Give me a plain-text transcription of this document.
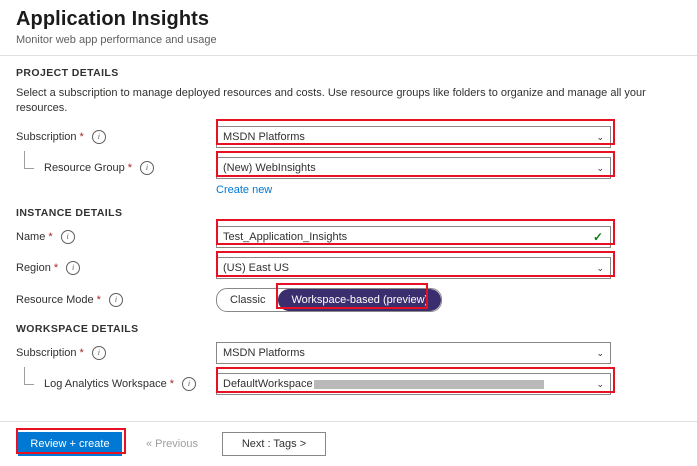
Application Insights
Monitor web app performance and usage
PROJECT DETAILS
Select a subscription to manage deployed resources and costs. Use resource groups like folders to organize and manage all your resources.
Subscription *	i	MSDN Platforms	⌄
Resource Group *	i	(New) WebInsights	⌄
Create new
INSTANCE DETAILS
Name *	i	Test_Application_Insights	✓
Region *	i	(US) East US	⌄
Resource Mode *	i	Classic	Workspace-based (preview)
WORKSPACE DETAILS
Subscription *	i	MSDN Platforms	⌄
Log Analytics Workspace *	i	DefaultWorkspace	⌄
Review + create	« Previous	Next : Tags >
